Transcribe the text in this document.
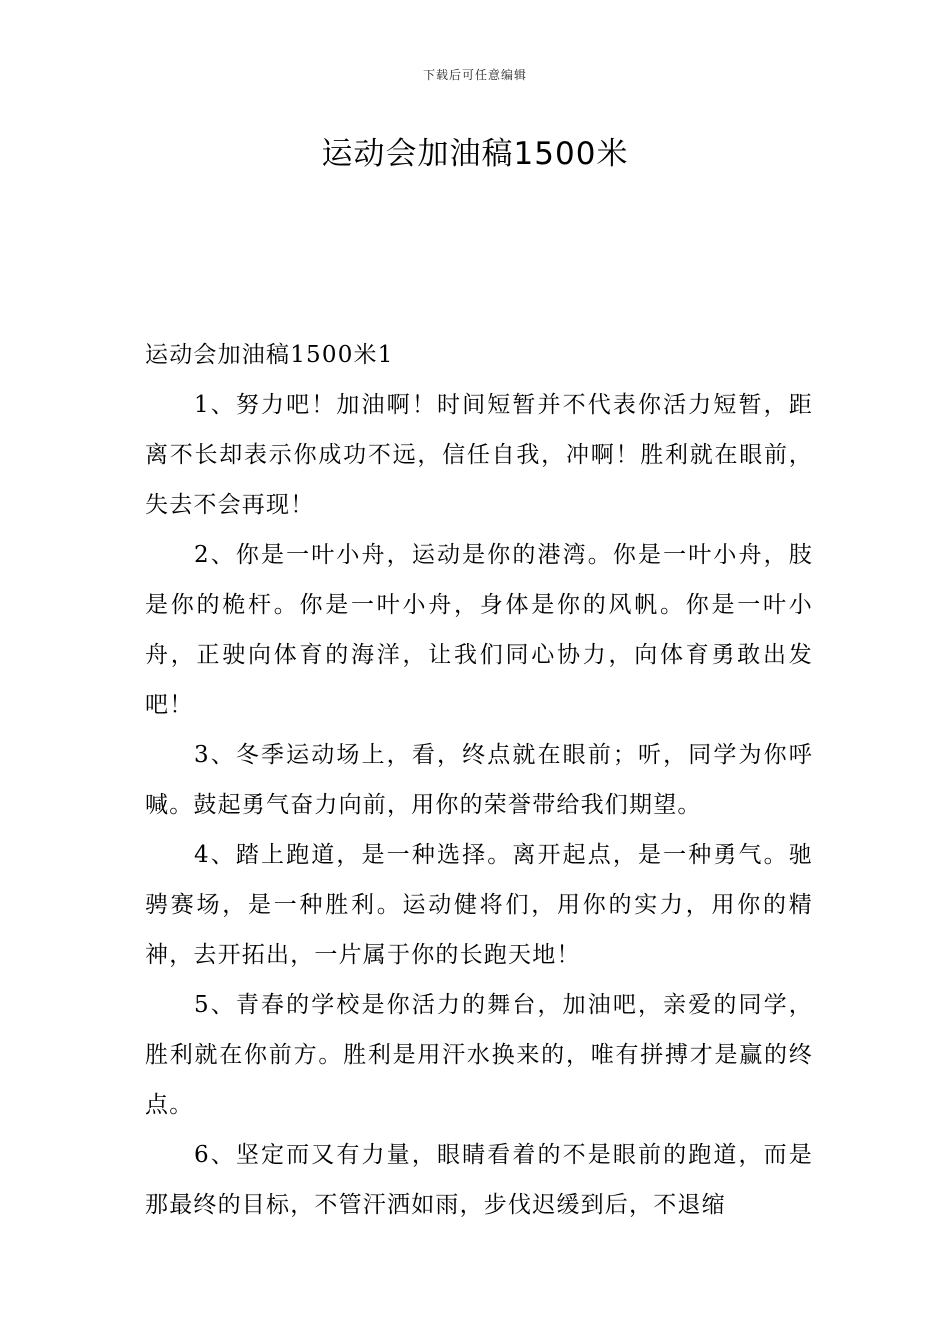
下载后可任意编辑
运动会加油稿1500米

运动会加油稿1500米1

1、努力吧！加油啊！时间短暂并不代表你活力短暂，距离不长却表示你成功不远，信任自我，冲啊！胜利就在眼前，失去不会再现！

2、你是一叶小舟，运动是你的港湾。你是一叶小舟，肢是你的桅杆。你是一叶小舟，身体是你的风帆。你是一叶小舟，正驶向体育的海洋，让我们同心协力，向体育勇敢出发吧！

3、冬季运动场上，看，终点就在眼前；听，同学为你呼喊。鼓起勇气奋力向前，用你的荣誉带给我们期望。

4、踏上跑道，是一种选择。离开起点，是一种勇气。驰骋赛场，是一种胜利。运动健将们，用你的实力，用你的精神，去开拓出，一片属于你的长跑天地！

5、青春的学校是你活力的舞台，加油吧，亲爱的同学，胜利就在你前方。胜利是用汗水换来的，唯有拼搏才是赢的终点。

6、坚定而又有力量，眼睛看着的不是眼前的跑道，而是那最终的目标，不管汗洒如雨，步伐迟缓到后，不退缩
